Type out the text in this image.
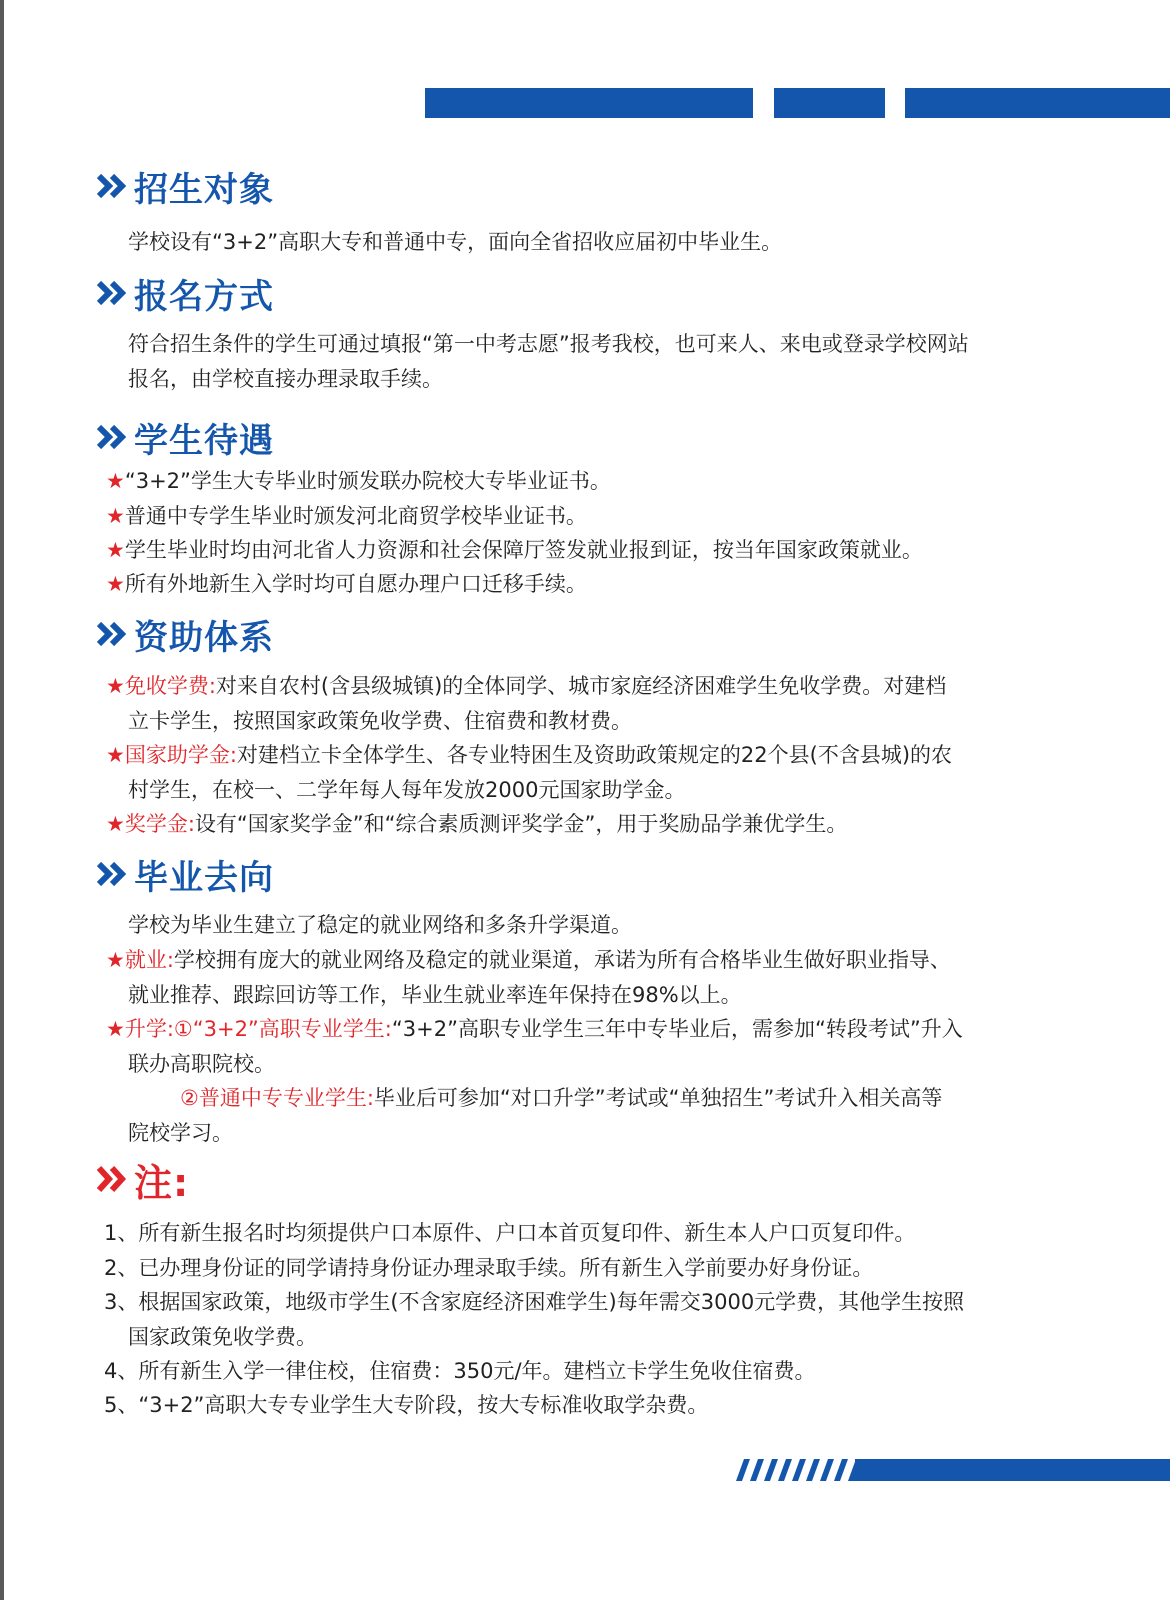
招生对象
学校设有“3+2”高职大专和普通中专，面向全省招收应届初中毕业生。
报名方式
符合招生条件的学生可通过填报“第一中考志愿”报考我校，也可来人、来电或登录学校网站
报名，由学校直接办理录取手续。
学生待遇
★“3+2”学生大专毕业时颁发联办院校大专毕业证书。
★普通中专学生毕业时颁发河北商贸学校毕业证书。
★学生毕业时均由河北省人力资源和社会保障厅签发就业报到证，按当年国家政策就业。
★所有外地新生入学时均可自愿办理户口迁移手续。
资助体系
★免收学费:对来自农村(含县级城镇)的全体同学、城市家庭经济困难学生免收学费。对建档
立卡学生，按照国家政策免收学费、住宿费和教材费。
★国家助学金:对建档立卡全体学生、各专业特困生及资助政策规定的22个县(不含县城)的农
村学生，在校一、二学年每人每年发放2000元国家助学金。
★奖学金:设有“国家奖学金”和“综合素质测评奖学金”，用于奖励品学兼优学生。
毕业去向
学校为毕业生建立了稳定的就业网络和多条升学渠道。
★就业:学校拥有庞大的就业网络及稳定的就业渠道，承诺为所有合格毕业生做好职业指导、
就业推荐、跟踪回访等工作，毕业生就业率连年保持在98%以上。
★升学:①“3+2”高职专业学生:“3+2”高职专业学生三年中专毕业后，需参加“转段考试”升入
联办高职院校。
②普通中专专业学生:毕业后可参加“对口升学”考试或“单独招生”考试升入相关高等
院校学习。
注:
1、所有新生报名时均须提供户口本原件、户口本首页复印件、新生本人户口页复印件。
2、已办理身份证的同学请持身份证办理录取手续。所有新生入学前要办好身份证。
3、根据国家政策，地级市学生(不含家庭经济困难学生)每年需交3000元学费，其他学生按照
国家政策免收学费。
4、所有新生入学一律住校，住宿费：350元/年。建档立卡学生免收住宿费。
5、“3+2”高职大专专业学生大专阶段，按大专标准收取学杂费。
